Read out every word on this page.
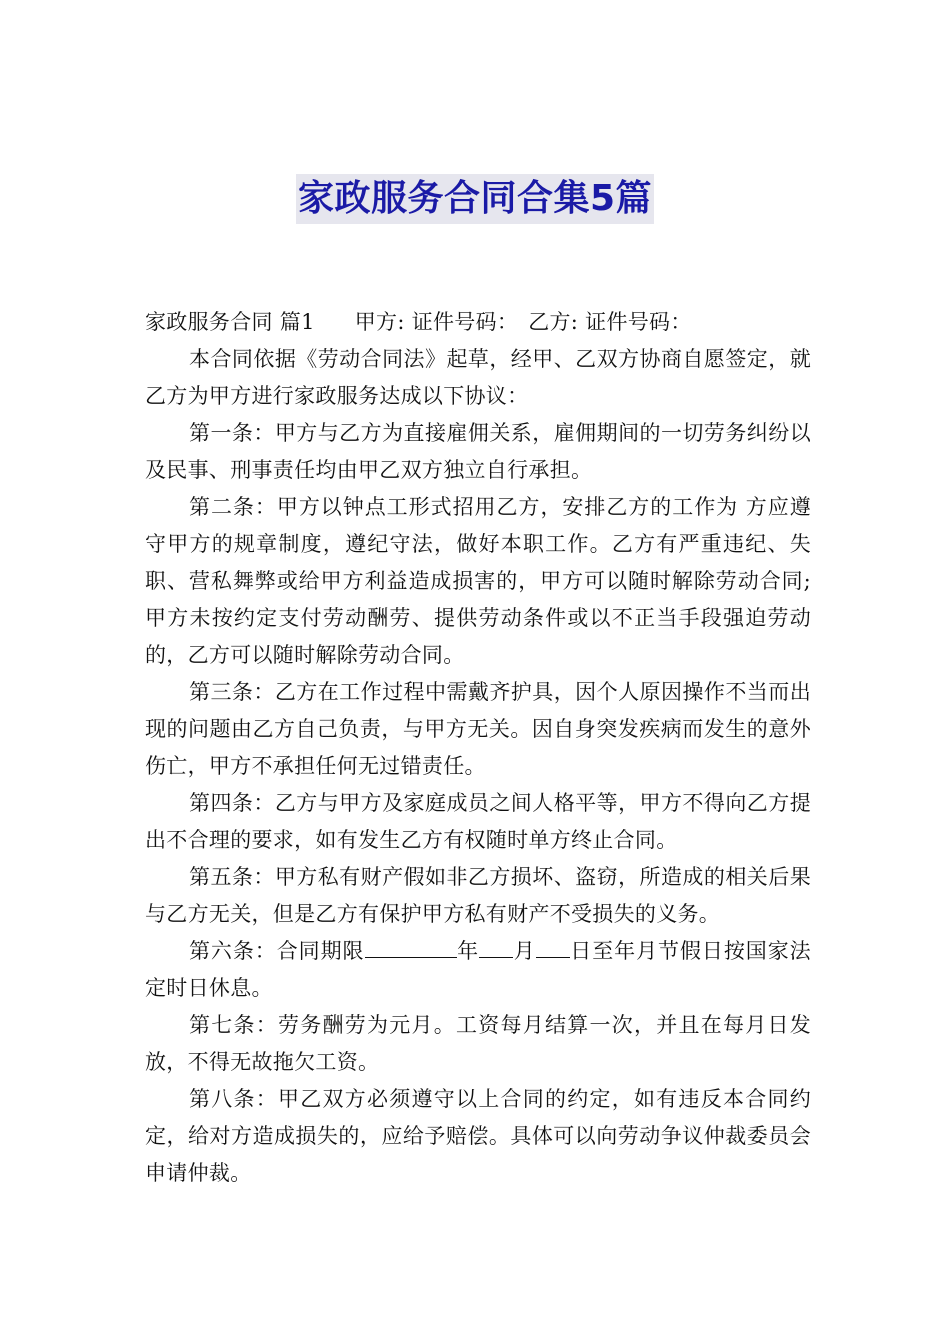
家政服务合同合集5篇

家政服务合同 篇1 甲方: 证件号码： 乙方: 证件号码：

本合同依据《劳动合同法》起草，经甲、乙双方协商自愿签定，就乙方为甲方进行家政服务达成以下协议：

第一条：甲方与乙方为直接雇佣关系，雇佣期间的一切劳务纠纷以及民事、刑事责任均由甲乙双方独立自行承担。

第二条：甲方以钟点工形式招用乙方，安排乙方的工作为 方应遵守甲方的规章制度，遵纪守法，做好本职工作。乙方有严重违纪、失职、营私舞弊或给甲方利益造成损害的，甲方可以随时解除劳动合同;甲方未按约定支付劳动酬劳、提供劳动条件或以不正当手段强迫劳动的，乙方可以随时解除劳动合同。

第三条：乙方在工作过程中需戴齐护具，因个人原因操作不当而出现的问题由乙方自己负责，与甲方无关。因自身突发疾病而发生的意外伤亡，甲方不承担任何无过错责任。

第四条：乙方与甲方及家庭成员之间人格平等，甲方不得向乙方提出不合理的要求，如有发生乙方有权随时单方终止合同。

第五条：甲方私有财产假如非乙方损坏、盗窃，所造成的相关后果与乙方无关，但是乙方有保护甲方私有财产不受损失的义务。

第六条：合同期限	年 月 日至年月节假日按国家法定时日休息。

第七条：劳务酬劳为元月。工资每月结算一次，并且在每月日发放，不得无故拖欠工资。

第八条：甲乙双方必须遵守以上合同的约定，如有违反本合同约定，给对方造成损失的，应给予赔偿。具体可以向劳动争议仲裁委员会申请仲裁。
